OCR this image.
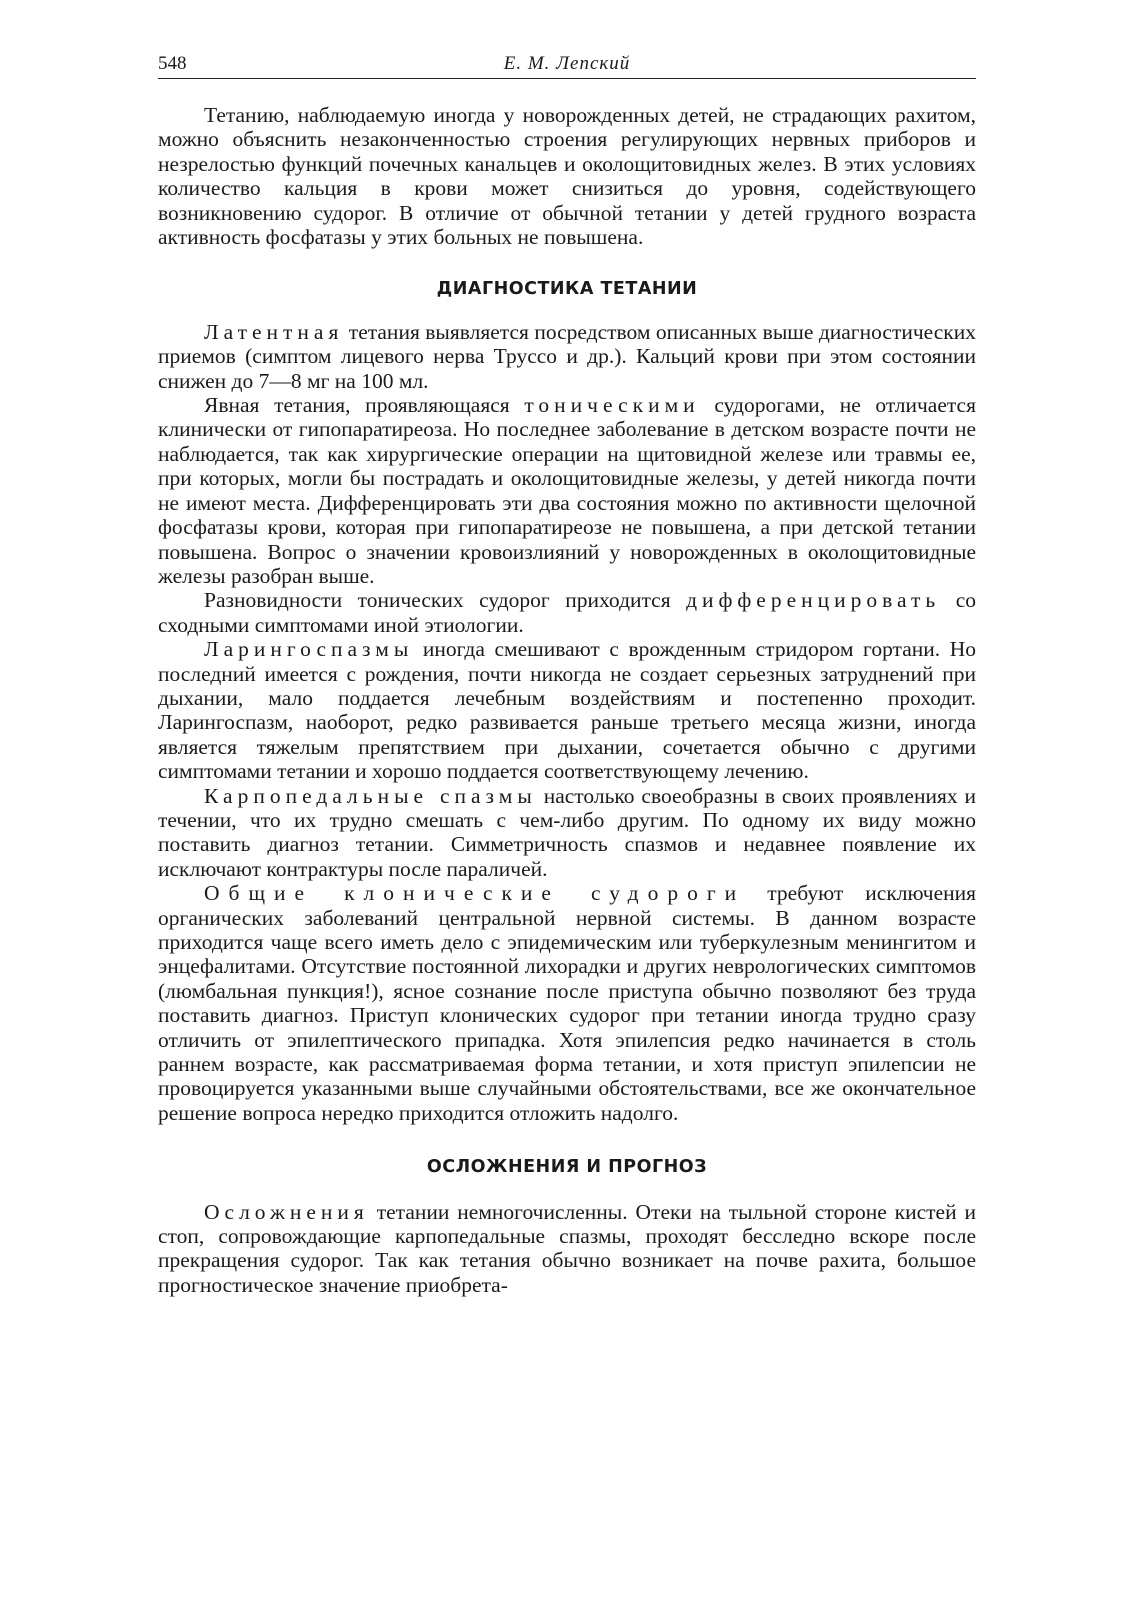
548	Е. М. Лепский

Тетанию, наблюдаемую иногда у новорожденных детей, не страдающих рахитом, можно объяснить незаконченностью строения регулирующих нервных приборов и незрелостью функций почечных канальцев и околощитовидных желез. В этих условиях количество кальция в крови может снизиться до уровня, содействующего возникновению судорог. В отличие от обычной тетании у детей грудного возраста активность фосфатазы у этих больных не повышена.

ДИАГНОСТИКА ТЕТАНИИ

Латентная тетания выявляется посредством описанных выше диагностических приемов (симптом лицевого нерва Труссо и др.). Кальций крови при этом состоянии снижен до 7—8 мг на 100 мл.

Явная тетания, проявляющаяся тоническими судорогами, не отличается клинически от гипопаратиреоза. Но последнее заболевание в детском возрасте почти не наблюдается, так как хирургические операции на щитовидной железе или травмы ее, при которых, могли бы пострадать и околощитовидные железы, у детей никогда почти не имеют места. Дифференцировать эти два состояния можно по активности щелочной фосфатазы крови, которая при гипопаратиреозе не повышена, а при детской тетании повышена. Вопрос о значении кровоизлияний у новорожденных в околощитовидные железы разобран выше.

Разновидности тонических судорог приходится дифференцировать со сходными симптомами иной этиологии.

Ларингоспазмы иногда смешивают с врожденным стридором гортани. Но последний имеется с рождения, почти никогда не создает серьезных затруднений при дыхании, мало поддается лечебным воздействиям и постепенно проходит. Ларингоспазм, наоборот, редко развивается раньше третьего месяца жизни, иногда является тяжелым препятствием при дыхании, сочетается обычно с другими симптомами тетании и хорошо поддается соответствующему лечению.

Карпопедальные спазмы настолько своеобразны в своих проявлениях и течении, что их трудно смешать с чем-либо другим. По одному их виду можно поставить диагноз тетании. Симметричность спазмов и недавнее появление их исключают контрактуры после параличей.

Общие клонические судороги требуют исключения органических заболеваний центральной нервной системы. В данном возрасте приходится чаще всего иметь дело с эпидемическим или туберкулезным менингитом и энцефалитами. Отсутствие постоянной лихорадки и других неврологических симптомов (люмбальная пункция!), ясное сознание после приступа обычно позволяют без труда поставить диагноз. Приступ клонических судорог при тетании иногда трудно сразу отличить от эпилептического припадка. Хотя эпилепсия редко начинается в столь раннем возрасте, как рассматриваемая форма тетании, и хотя приступ эпилепсии не провоцируется указанными выше случайными обстоятельствами, все же окончательное решение вопроса нередко приходится отложить надолго.

ОСЛОЖНЕНИЯ И ПРОГНОЗ

Осложнения тетании немногочисленны. Отеки на тыльной стороне кистей и стоп, сопровождающие карпопедальные спазмы, проходят бесследно вскоре после прекращения судорог. Так как тетания обычно возникает на почве рахита, большое прогностическое значение приобрета-
